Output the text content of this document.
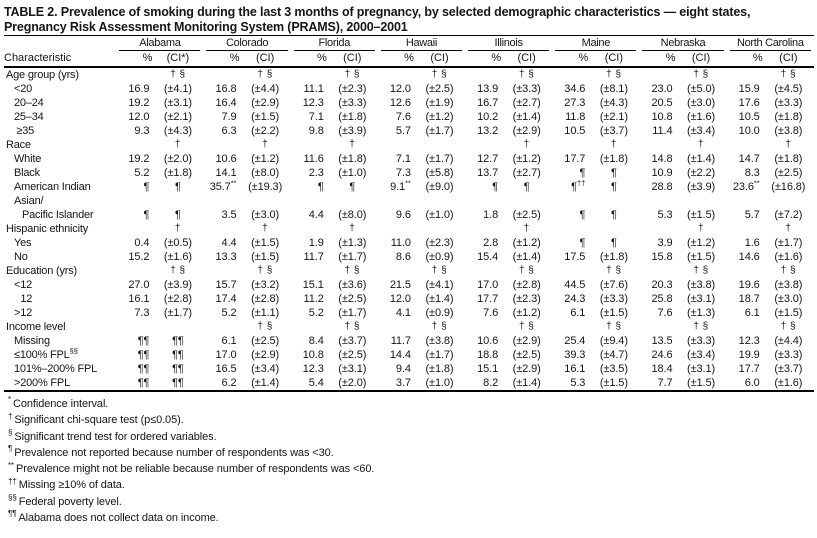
TABLE 2. Prevalence of smoking during the last 3 months of pregnancy, by selected demographic characteristics — eight states,
Pregnancy Risk Assessment Monitoring System (PRAMS), 2000–2001

	Alabama		Colorado		Florida		Hawaii		Illinois		Maine		Nebraska		North Carolina	

Characteristic	%	(CI*)	%	(CI)	%	(CI)	%	(CI)	%	(CI)	%	(CI)	%	(CI)	%	(CI)
Age group (yrs)		† §		† §		† §		† §		† §		† §		† §		† §
<20	16.9	(±4.1)	16.8	(±4.4)	11.1	(±2.3)	12.0	(±2.5)	13.9	(±3.3)	34.6	(±8.1)	23.0	(±5.0)	15.9	(±4.5)
20–24	19.2	(±3.1)	16.4	(±2.9)	12.3	(±3.3)	12.6	(±1.9)	16.7	(±2.7)	27.3	(±4.3)	20.5	(±3.0)	17.6	(±3.3)
25–34	12.0	(±2.1)	7.9	(±1.5)	7.1	(±1.8)	7.6	(±1.2)	10.2	(±1.4)	11.8	(±2.1)	10.8	(±1.6)	10.5	(±1.8)
≥35	9.3	(±4.3)	6.3	(±2.2)	9.8	(±3.9)	5.7	(±1.7)	13.2	(±2.9)	10.5	(±3.7)	11.4	(±3.4)	10.0	(±3.8)
Race		†		†		†				†		†		†		†
White	19.2	(±2.0)	10.6	(±1.2)	11.6	(±1.8)	7.1	(±1.7)	12.7	(±1.2)	17.7	(±1.8)	14.8	(±1.4)	14.7	(±1.8)
Black	5.2	(±1.8)	14.1	(±8.0)	2.3	(±1.0)	7.3	(±5.8)	13.7	(±2.7)	¶	¶	10.9	(±2.2)	8.3	(±2.5)
American Indian	¶	¶	35.7**	(±19.3)	¶	¶	9.1**	(±9.0)	¶	¶	¶††	¶	28.8	(±3.9)	23.6**	(±16.8)
Asian/																
Pacific Islander	¶	¶	3.5	(±3.0)	4.4	(±8.0)	9.6	(±1.0)	1.8	(±2.5)	¶	¶	5.3	(±1.5)	5.7	(±7.2)
Hispanic ethnicity		†		†		†				†				†		†
Yes	0.4	(±0.5)	4.4	(±1.5)	1.9	(±1.3)	11.0	(±2.3)	2.8	(±1.2)	¶	¶	3.9	(±1.2)	1.6	(±1.7)
No	15.2	(±1.6)	13.3	(±1.5)	11.7	(±1.7)	8.6	(±0.9)	15.4	(±1.4)	17.5	(±1.8)	15.8	(±1.5)	14.6	(±1.6)
Education (yrs)		† §		† §		† §		† §		† §		† §		† §		† §
<12	27.0	(±3.9)	15.7	(±3.2)	15.1	(±3.6)	21.5	(±4.1)	17.0	(±2.8)	44.5	(±7.6)	20.3	(±3.8)	19.6	(±3.8)
12	16.1	(±2.8)	17.4	(±2.8)	11.2	(±2.5)	12.0	(±1.4)	17.7	(±2.3)	24.3	(±3.3)	25.8	(±3.1)	18.7	(±3.0)
>12	7.3	(±1.7)	5.2	(±1.1)	5.2	(±1.7)	4.1	(±0.9)	7.6	(±1.2)	6.1	(±1.5)	7.6	(±1.3)	6.1	(±1.5)
Income level				† §		† §		† §		† §		† §		† §		† §
Missing	¶¶	¶¶	6.1	(±2.5)	8.4	(±3.7)	11.7	(±3.8)	10.6	(±2.9)	25.4	(±9.4)	13.5	(±3.3)	12.3	(±4.4)
≤100% FPL§§	¶¶	¶¶	17.0	(±2.9)	10.8	(±2.5)	14.4	(±1.7)	18.8	(±2.5)	39.3	(±4.7)	24.6	(±3.4)	19.9	(±3.3)
101%–200% FPL	¶¶	¶¶	16.5	(±3.4)	12.3	(±3.1)	9.4	(±1.8)	15.1	(±2.9)	16.1	(±3.5)	18.4	(±3.1)	17.7	(±3.7)
>200% FPL	¶¶	¶¶	6.2	(±1.4)	5.4	(±2.0)	3.7	(±1.0)	8.2	(±1.4)	5.3	(±1.5)	7.7	(±1.5)	6.0	(±1.6)
* Confidence interval.
† Significant chi-square test (p≤0.05).
§ Significant trend test for ordered variables.
¶ Prevalence not reported because number of respondents was <30.
** Prevalence might not be reliable because number of respondents was <60.
†† Missing ≥10% of data.
§§ Federal poverty level.
¶¶ Alabama does not collect data on income.
